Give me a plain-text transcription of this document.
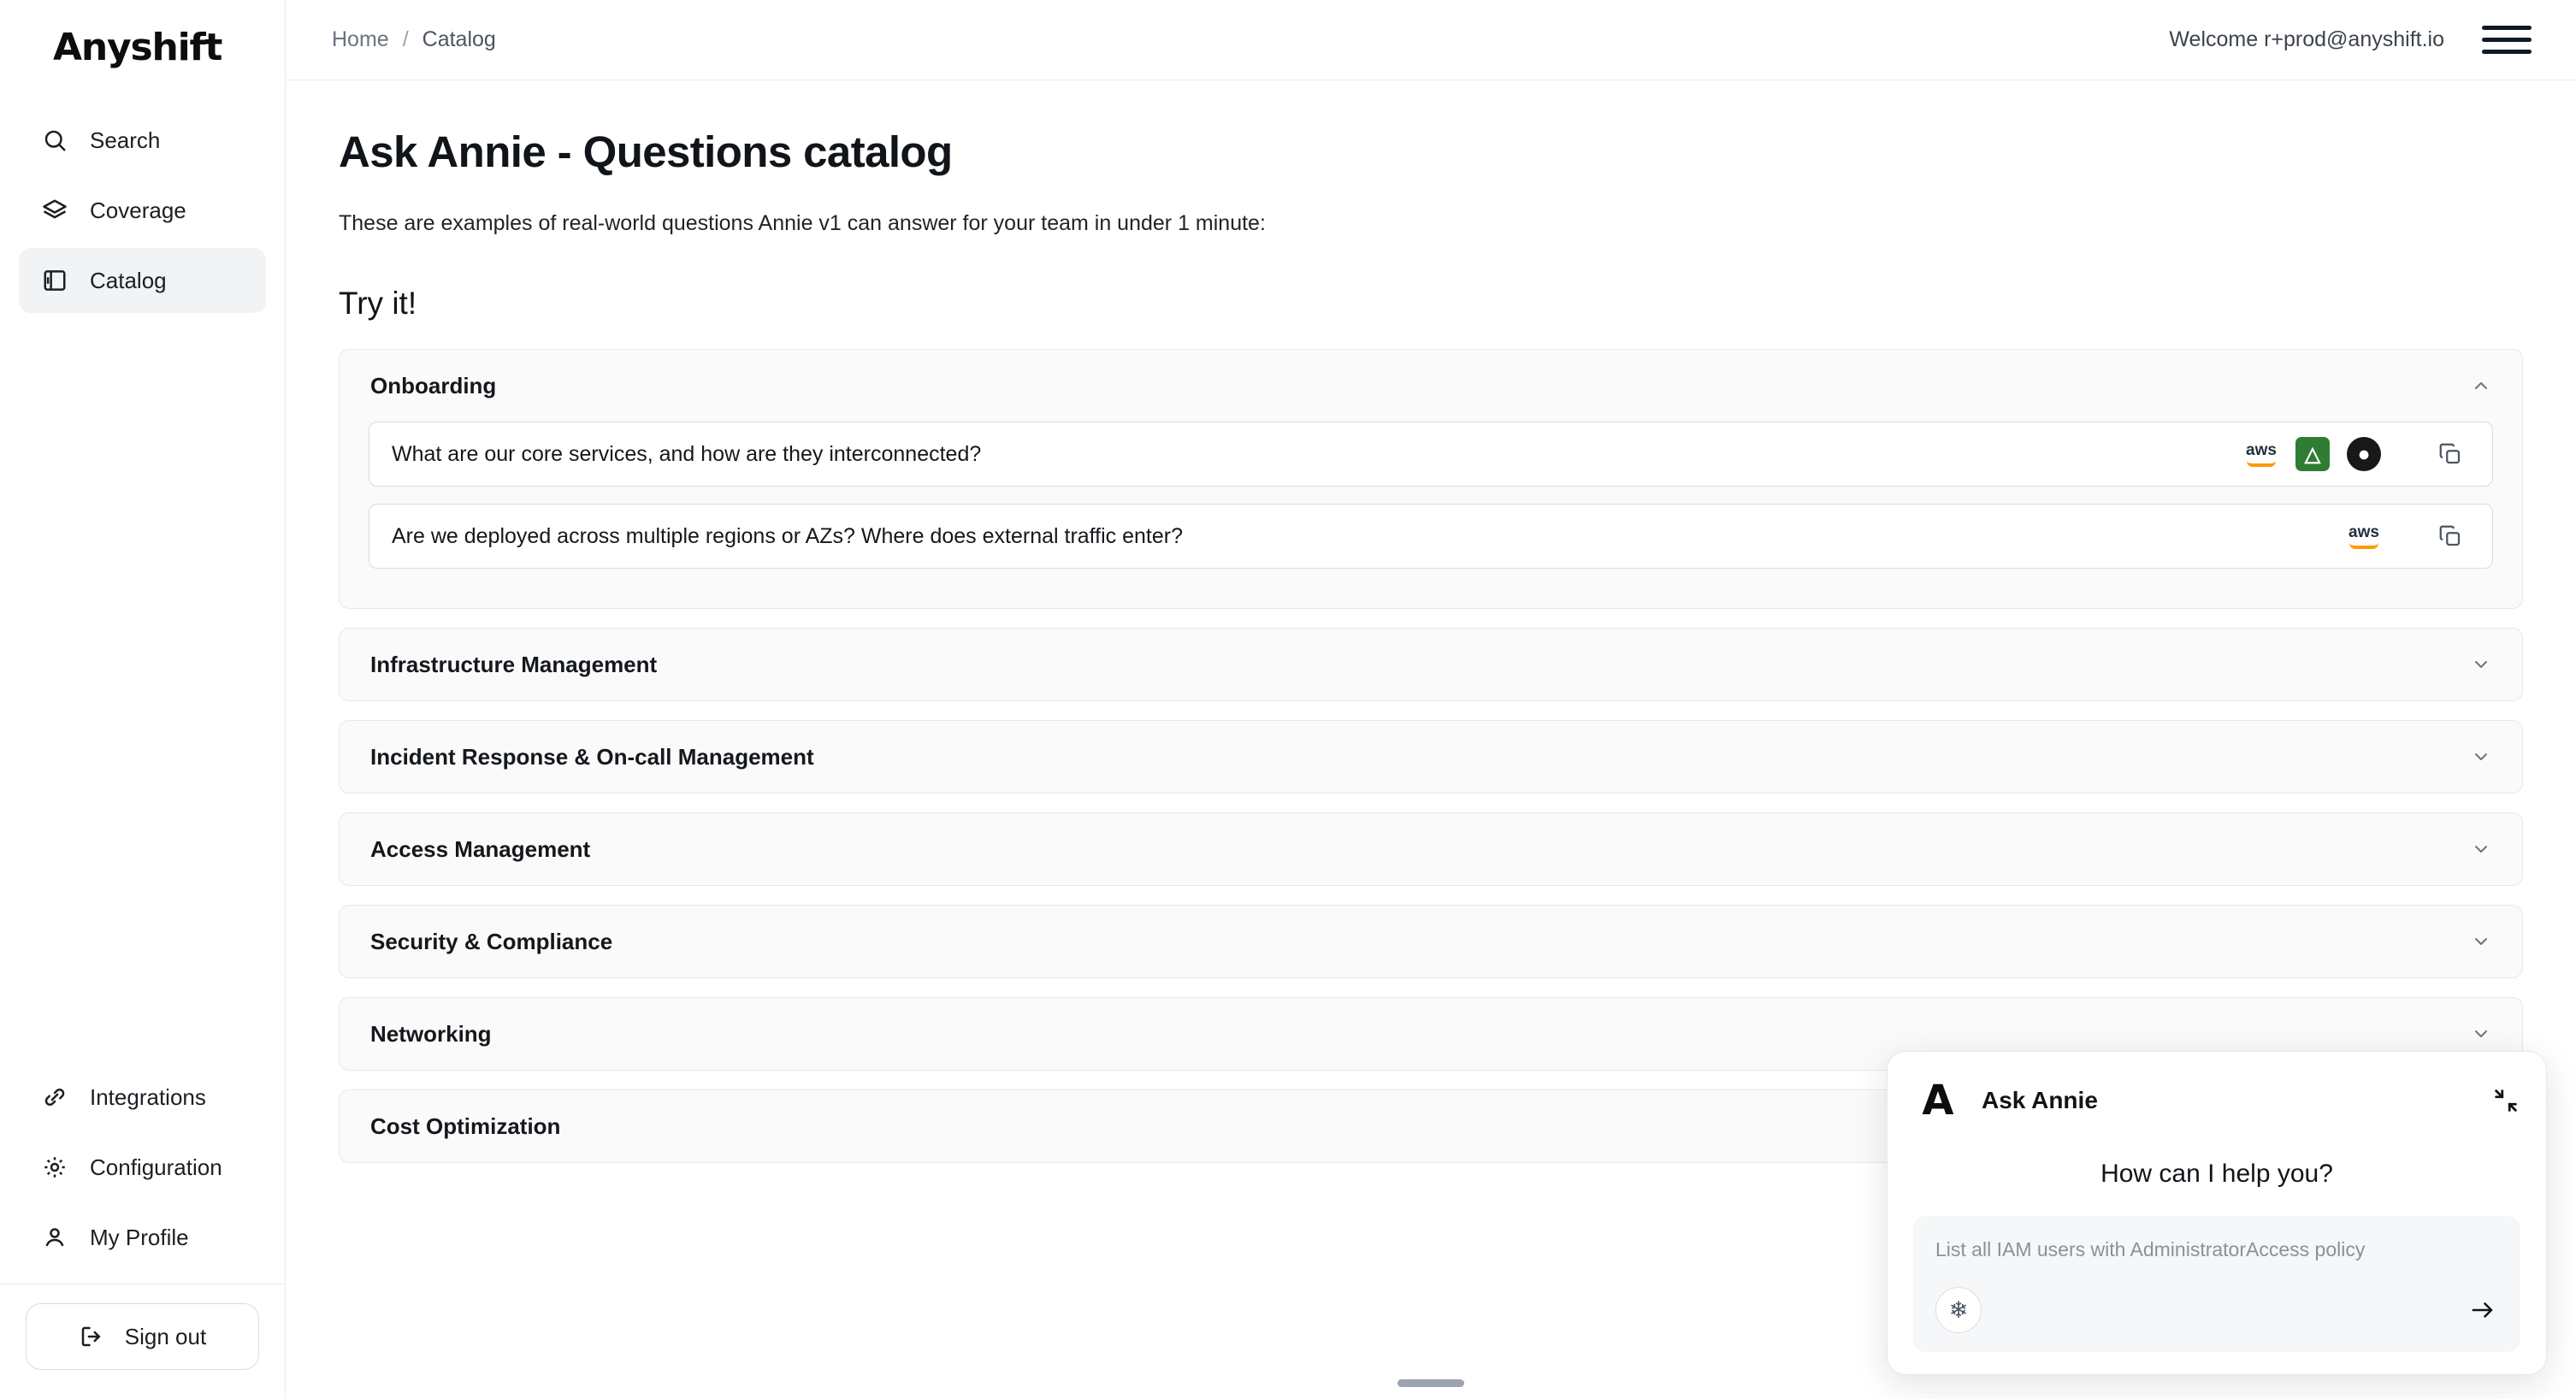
Anyshift
Search
Coverage
Catalog
Integrations
Configuration
My Profile
Sign out
Home / Catalog	Welcome r+prod@anyshift.io
Ask Annie - Questions catalog

These are examples of real-world questions Annie v1 can answer for your team in under 1 minute:

Try it!
Onboarding
What are our core services, and how are they interconnected?	aws △	●
Are we deployed across multiple regions or AZs? Where does external traffic enter?	aws
Infrastructure Management
Incident Response & On-call Management
Access Management
Security & Compliance
Networking
Cost Optimization
A	Ask Annie
How can I help you?
List all IAM users with AdministratorAccess policy
❄
